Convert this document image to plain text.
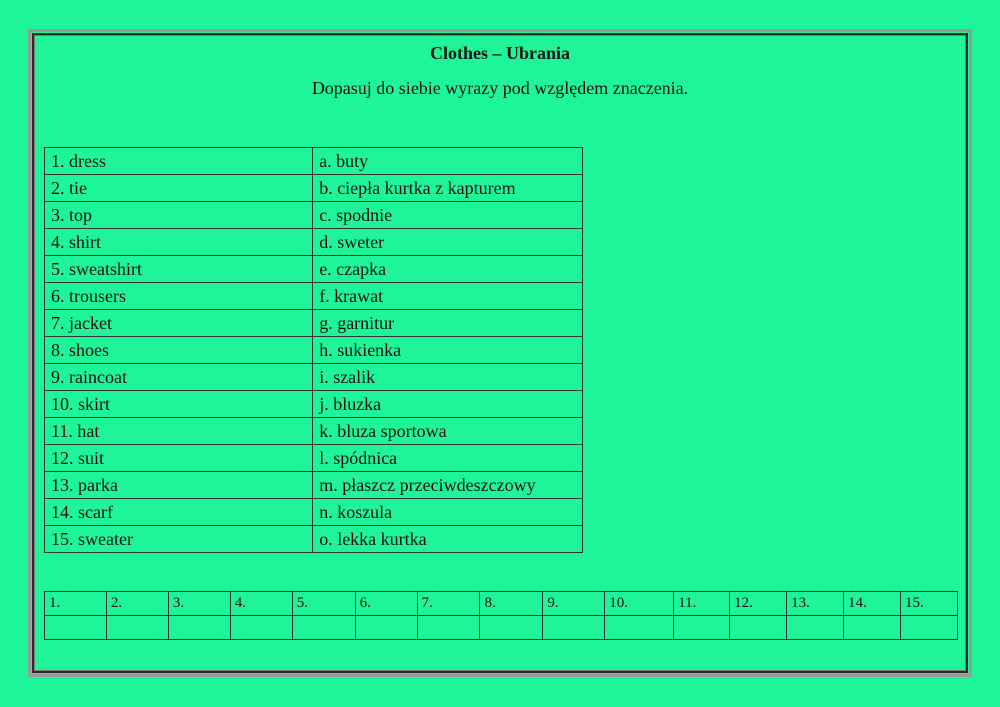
Clothes – Ubrania
Dopasuj do siebie wyrazy pod względem znaczenia.
1. dress	a. buty
2. tie	b. ciepła kurtka z kapturem
3. top	c. spodnie
4. shirt	d. sweter
5. sweatshirt	e. czapka
6. trousers	f. krawat
7. jacket	g. garnitur
8. shoes	h. sukienka
9. raincoat	i. szalik
10. skirt	j. bluzka
11. hat	k. bluza sportowa
12. suit	l. spódnica
13. parka	m. płaszcz przeciwdeszczowy
14. scarf	n. koszula
15. sweater	o. lekka kurtka
1.	2.	3.	4.	5.	6.	7.	8.	9.	10.	11.	12.	13.	14.	15.
